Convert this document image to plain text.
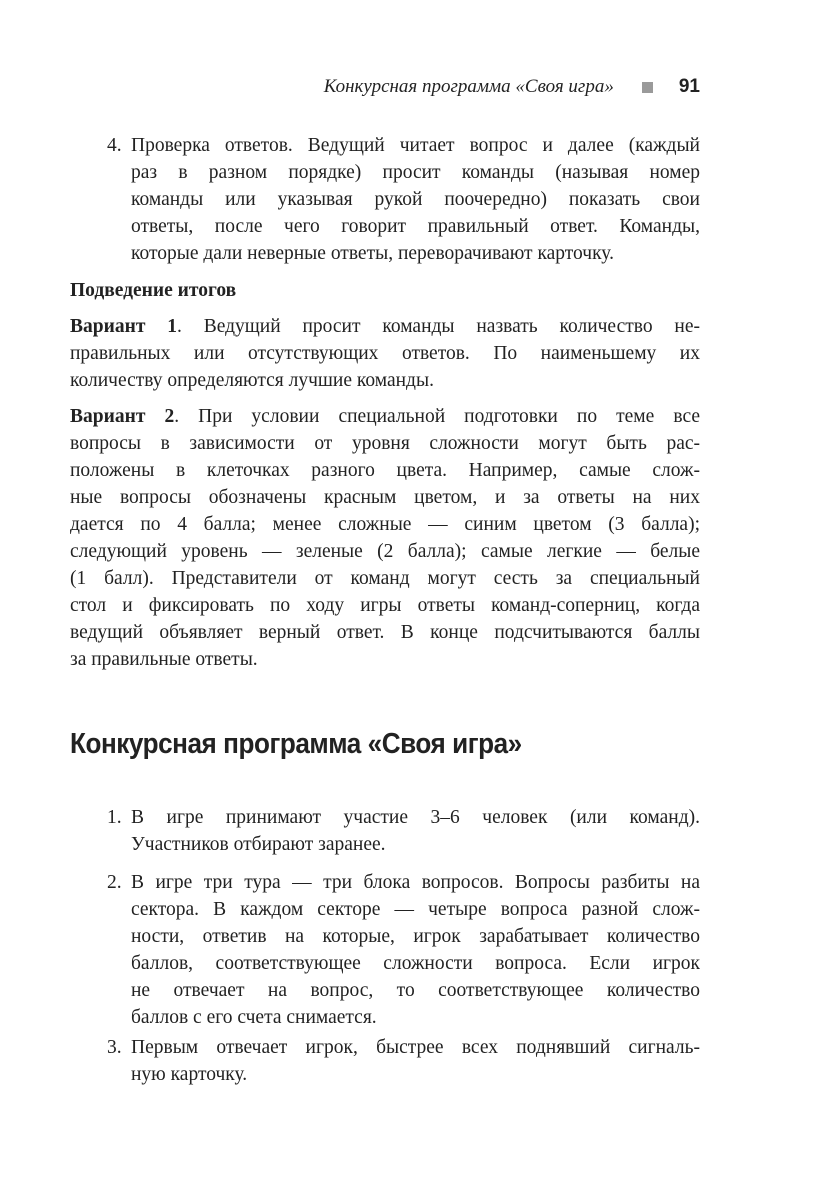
Конкурсная программа «Своя игра»	91
4. Проверка ответов. Ведущий читает вопрос и далее (каждый
раз в разном порядке) просит команды (называя номер
команды или указывая рукой поочередно) показать свои
ответы, после чего говорит правильный ответ. Команды,
которые дали неверные ответы, переворачивают карточку.
Подведение итогов
Вариант 1. Ведущий просит команды назвать количество не-
правильных или отсутствующих ответов. По наименьшему их
количеству определяются лучшие команды.
Вариант 2. При условии специальной подготовки по теме все
вопросы в зависимости от уровня сложности могут быть рас-
положены в клеточках разного цвета. Например, самые слож-
ные вопросы обозначены красным цветом, и за ответы на них
дается по 4 балла; менее сложные — синим цветом (3 балла);
следующий уровень — зеленые (2 балла); самые легкие — белые
(1 балл). Представители от команд могут сесть за специальный
стол и фиксировать по ходу игры ответы команд-соперниц, когда
ведущий объявляет верный ответ. В конце подсчитываются баллы
за правильные ответы.
Конкурсная программа «Своя игра»
1. В игре принимают участие 3–6 человек (или команд).
Участников отбирают заранее.
2. В игре три тура — три блока вопросов. Вопросы разбиты на
сектора. В каждом секторе — четыре вопроса разной слож-
ности, ответив на которые, игрок зарабатывает количество
баллов, соответствующее сложности вопроса. Если игрок
не отвечает на вопрос, то соответствующее количество
баллов с его счета снимается.
3. Первым отвечает игрок, быстрее всех поднявший сигналь-
ную карточку.
